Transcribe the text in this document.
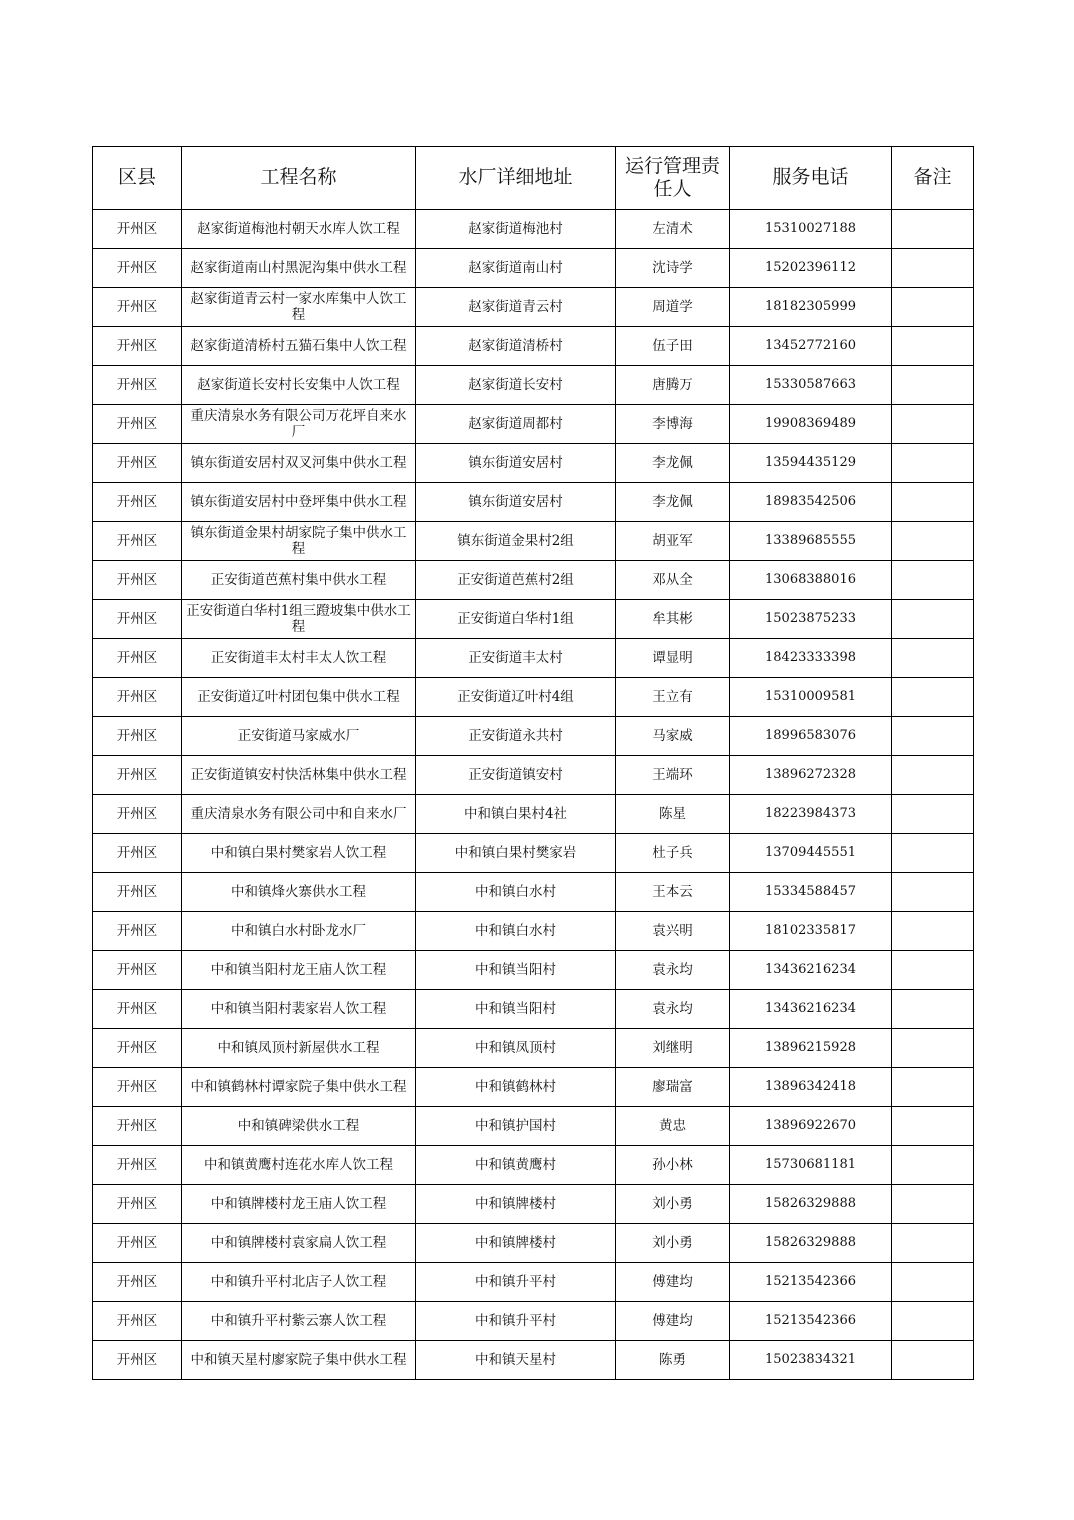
区县	工程名称	水厂详细地址	运行管理责任人	服务电话	备注
开州区	赵家街道梅池村朝天水库人饮工程	赵家街道梅池村	左清术	15310027188	
开州区	赵家街道南山村黑泥沟集中供水工程	赵家街道南山村	沈诗学	15202396112	
开州区	赵家街道青云村一家水库集中人饮工程	赵家街道青云村	周道学	18182305999	
开州区	赵家街道清桥村五猫石集中人饮工程	赵家街道清桥村	伍子田	13452772160	
开州区	赵家街道长安村长安集中人饮工程	赵家街道长安村	唐腾万	15330587663	
开州区	重庆清泉水务有限公司万花坪自来水厂	赵家街道周都村	李博海	19908369489	
开州区	镇东街道安居村双叉河集中供水工程	镇东街道安居村	李龙佩	13594435129	
开州区	镇东街道安居村中登坪集中供水工程	镇东街道安居村	李龙佩	18983542506	
开州区	镇东街道金果村胡家院子集中供水工程	镇东街道金果村2组	胡亚军	13389685555	
开州区	正安街道芭蕉村集中供水工程	正安街道芭蕉村2组	邓从全	13068388016	
开州区	正安街道白华村1组三蹬坡集中供水工程	正安街道白华村1组	牟其彬	15023875233	
开州区	正安街道丰太村丰太人饮工程	正安街道丰太村	谭显明	18423333398	
开州区	正安街道辽叶村团包集中供水工程	正安街道辽叶村4组	王立有	15310009581	
开州区	正安街道马家威水厂	正安街道永共村	马家威	18996583076	
开州区	正安街道镇安村快活林集中供水工程	正安街道镇安村	王端环	13896272328	
开州区	重庆清泉水务有限公司中和自来水厂	中和镇白果村4社	陈星	18223984373	
开州区	中和镇白果村樊家岩人饮工程	中和镇白果村樊家岩	杜子兵	13709445551	
开州区	中和镇烽火寨供水工程	中和镇白水村	王本云	15334588457	
开州区	中和镇白水村卧龙水厂	中和镇白水村	袁兴明	18102335817	
开州区	中和镇当阳村龙王庙人饮工程	中和镇当阳村	袁永均	13436216234	
开州区	中和镇当阳村裴家岩人饮工程	中和镇当阳村	袁永均	13436216234	
开州区	中和镇凤顶村新屋供水工程	中和镇凤顶村	刘继明	13896215928	
开州区	中和镇鹤林村谭家院子集中供水工程	中和镇鹤林村	廖瑞富	13896342418	
开州区	中和镇碑梁供水工程	中和镇护国村	黄忠	13896922670	
开州区	中和镇黄鹰村连花水库人饮工程	中和镇黄鹰村	孙小林	15730681181	
开州区	中和镇牌楼村龙王庙人饮工程	中和镇牌楼村	刘小勇	15826329888	
开州区	中和镇牌楼村袁家扁人饮工程	中和镇牌楼村	刘小勇	15826329888	
开州区	中和镇升平村北店子人饮工程	中和镇升平村	傅建均	15213542366	
开州区	中和镇升平村紫云寨人饮工程	中和镇升平村	傅建均	15213542366	
开州区	中和镇天星村廖家院子集中供水工程	中和镇天星村	陈勇	15023834321	
